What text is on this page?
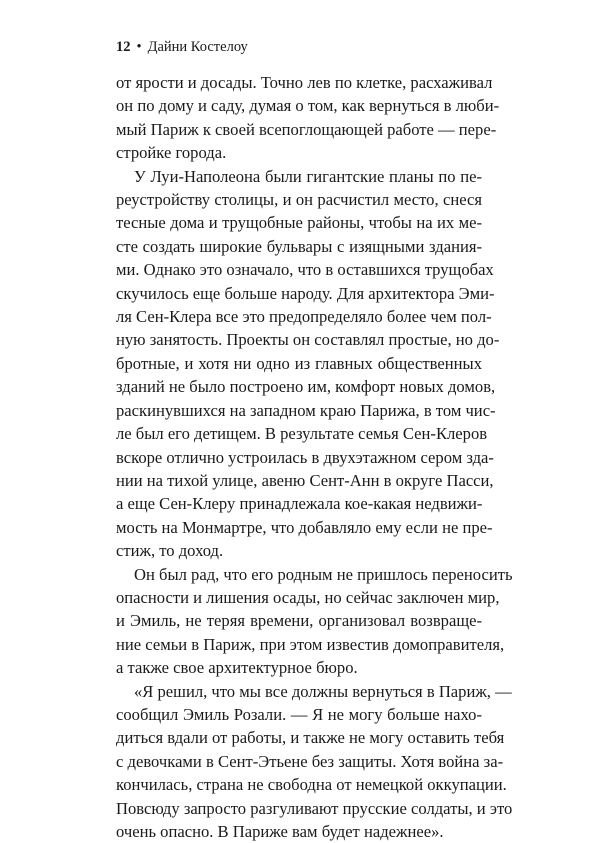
12 • Дайни Костелоу
от ярости и досады. Точно лев по клетке, расхаживал
он по дому и саду, думая о том, как вернуться в люби-
мый Париж к своей всепоглощающей работе — пере-
стройке города.
У Луи-Наполеона были гигантские планы по пе-
реустройству столицы, и он расчистил место, снеся
тесные дома и трущобные районы, чтобы на их ме-
сте создать широкие бульвары с изящными здания-
ми. Однако это означало, что в оставшихся трущобах
скучилось еще больше народу. Для архитектора Эми-
ля Сен-Клера все это предопределяло более чем пол-
ную занятость. Проекты он составлял простые, но до-
бротные, и хотя ни одно из главных общественных
зданий не было построено им, комфорт новых домов,
раскинувшихся на западном краю Парижа, в том чис-
ле был его детищем. В результате семья Сен-Клеров
вскоре отлично устроилась в двухэтажном сером зда-
нии на тихой улице, авеню Сент-Анн в округе Пасси,
а еще Сен-Клеру принадлежала кое-какая недвижи-
мость на Монмартре, что добавляло ему если не пре-
стиж, то доход.
Он был рад, что его родным не пришлось переносить
опасности и лишения осады, но сейчас заключен мир,
и Эмиль, не теряя времени, организовал возвраще-
ние семьи в Париж, при этом известив домоправителя,
а также свое архитектурное бюро.
«Я решил, что мы все должны вернуться в Париж, —
сообщил Эмиль Розали. — Я не могу больше нахо-
диться вдали от работы, и также не могу оставить тебя
с девочками в Сент-Этьене без защиты. Хотя война за-
кончилась, страна не свободна от немецкой оккупации.
Повсюду запросто разгуливают прусские солдаты, и это
очень опасно. В Париже вам будет надежнее».
